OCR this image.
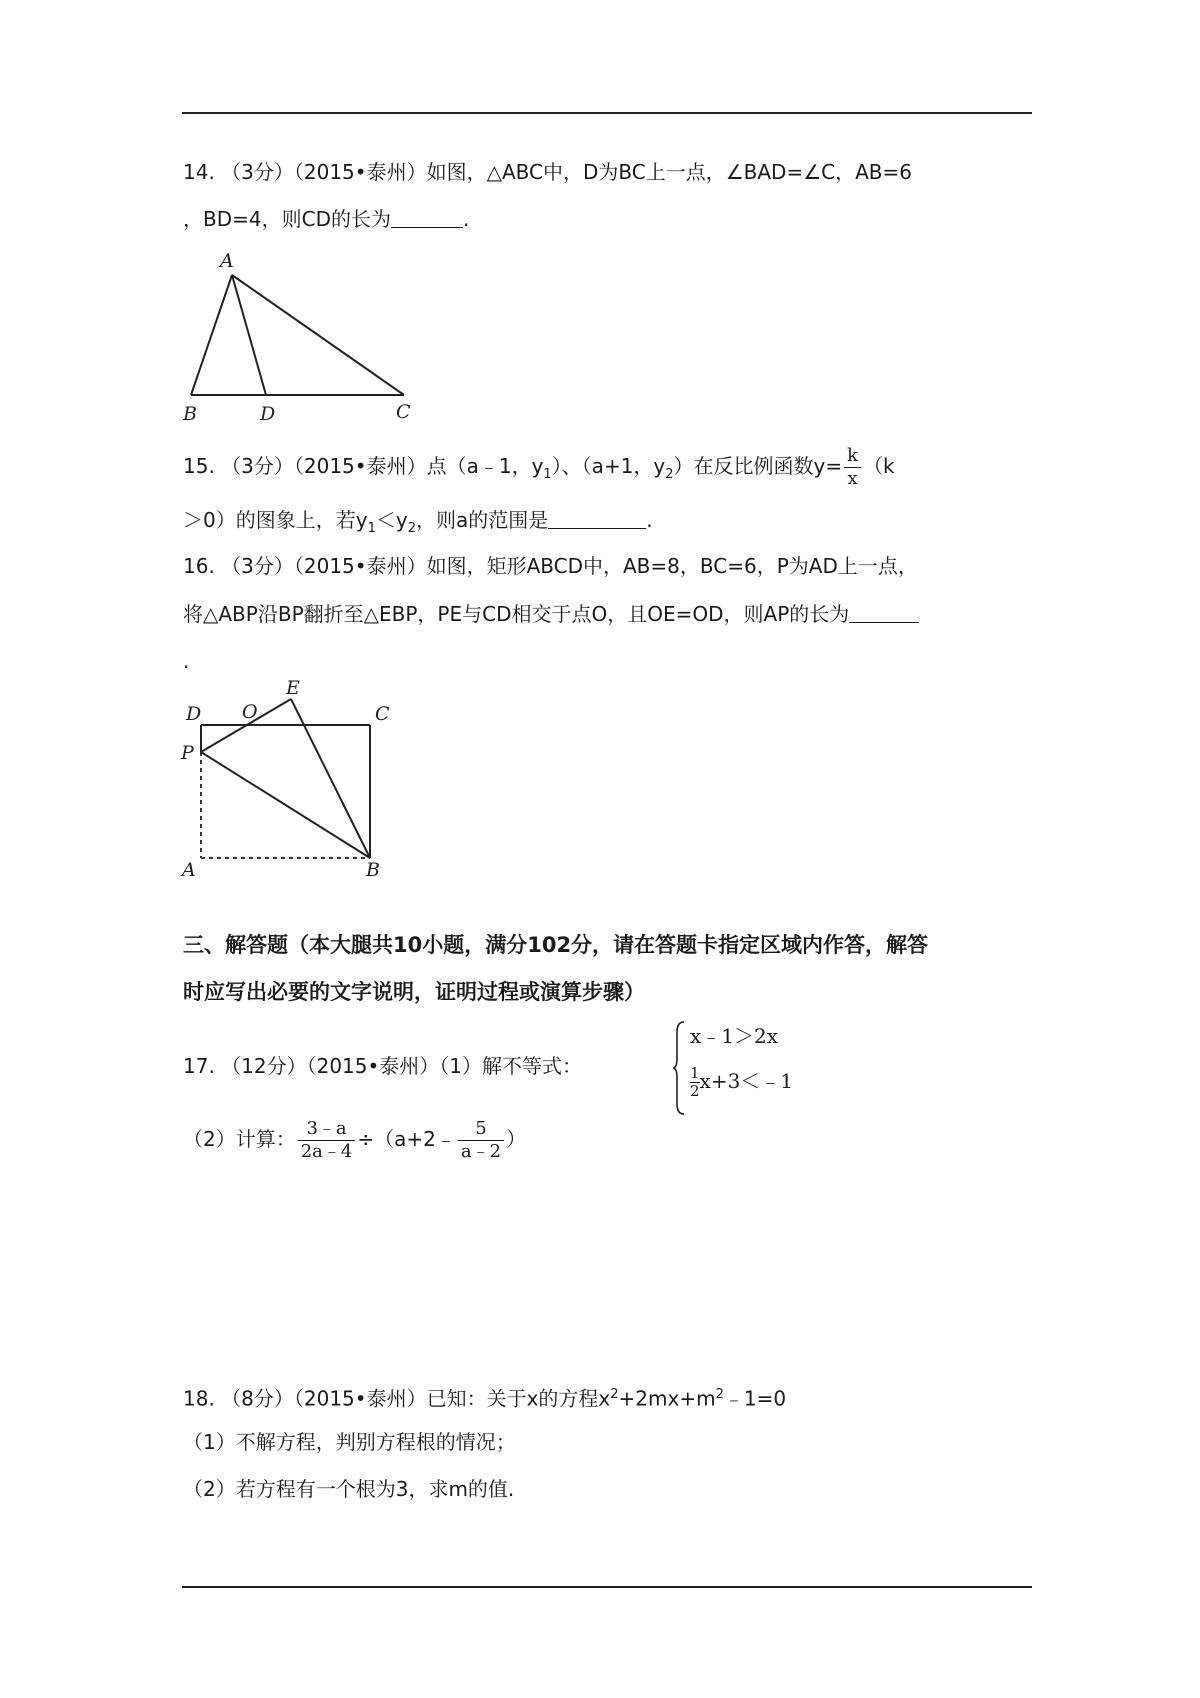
14. （3分）（2015•泰州）如图，△ABC中，D为BC上一点，∠BAD=∠C，AB=6
，BD=4，则CD的长为	.
A
B	D	C
15. （3分）（2015•泰州）点（a﹣1，$y_1$）、（a+1，$y_2$）在反比例函数$y= \frac{k}{x} (k$
＞0）的图象上，若$y_1<y_2$，则a的范围是	.
16. （3分）（2015•泰州）如图，矩形ABCD中，AB=8，BC=6，P为AD上一点，
将△ABP沿BP翻折至△EBP，PE与CD相交于点O，且OE=OD，则AP的长为
.
D O
E
C
P
A	B
三、解答题（本大腿共10小题，满分102分，请在答题卡指定区域内作答，解答
时应写出必要的文字说明，证明过程或演算步骤）
17. （12分）（2015•泰州）（1）解不等式：
x﹣1＞2x
$\frac{1}{2}$ x+3＜﹣1
（2）计算： $\frac{3﹣a}{2a﹣4}$ ÷（a+2﹣ $\frac{5}{a﹣2}$ ）
18. （8分）（2015•泰州）已知：关于x的方程$x^2+2mx+m^2﹣1=0$
（1）不解方程，判别方程根的情况；
（2）若方程有一个根为3，求m的值.
